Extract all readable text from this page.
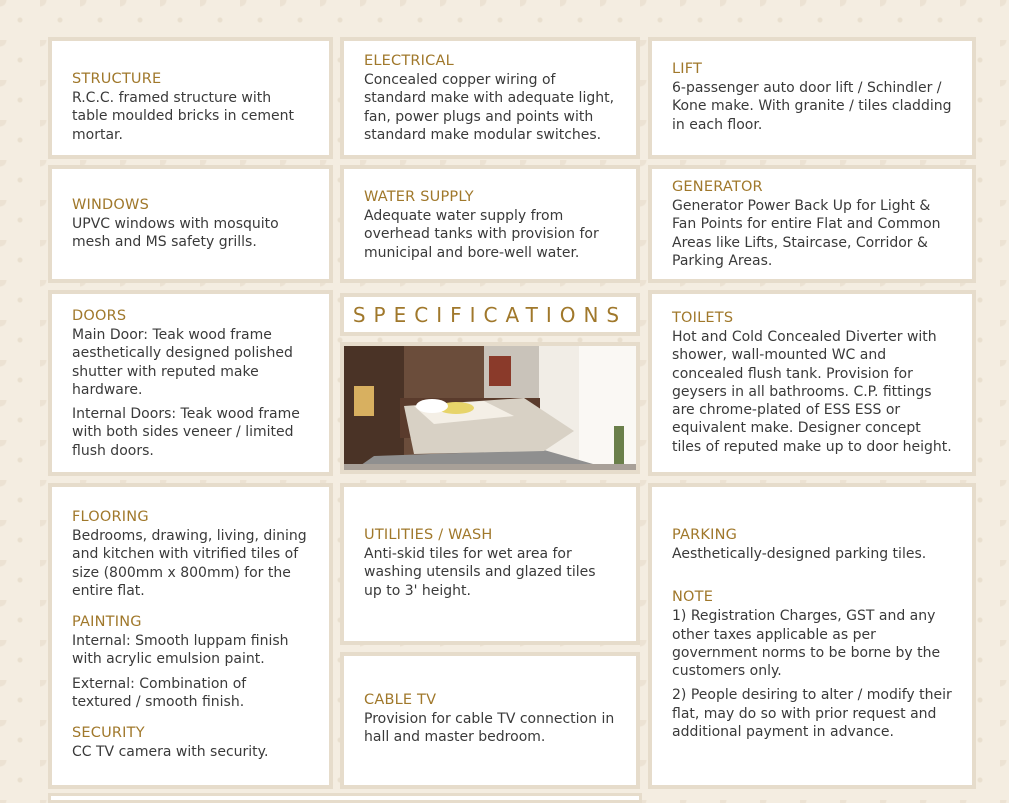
STRUCTURE

R.C.C. framed structure with table moulded bricks in cement mortar.

ELECTRICAL

Concealed copper wiring of standard make with adequate light, fan, power plugs and points with standard make modular switches.

LIFT

6-passenger auto door lift / Schindler / Kone make. With granite / tiles cladding in each floor.

WINDOWS

UPVC windows with mosquito mesh and MS safety grills.

WATER SUPPLY

Adequate water supply from overhead tanks with provision for municipal and bore-well water.

GENERATOR

Generator Power Back Up for Light & Fan Points for entire Flat and Common Areas like Lifts, Staircase, Corridor & Parking Areas.

DOORS

Main Door: Teak wood frame aesthetically designed polished shutter with reputed make hardware.

Internal Doors: Teak wood frame with both sides veneer / limited flush doors.

SPECIFICATIONS	TOILETS

Hot and Cold Concealed Diverter with shower, wall-mounted WC and concealed flush tank. Provision for geysers in all bathrooms. C.P. fittings are chrome-plated of ESS ESS or equivalent make. Designer concept tiles of reputed make up to door height.

FLOORING

Bedrooms, drawing, living, dining and kitchen with vitrified tiles of size (800mm x 800mm) for the entire flat.

PAINTING

Internal: Smooth luppam finish with acrylic emulsion paint.

External: Combination of textured / smooth finish.

SECURITY

CC TV camera with security.

UTILITIES / WASH

Anti-skid tiles for wet area for washing utensils and glazed tiles up to 3' height.

CABLE TV

Provision for cable TV connection in hall and master bedroom.

PARKING

Aesthetically-designed parking tiles.

NOTE

1) Registration Charges, GST and any other taxes applicable as per government norms to be borne by the customers only.

2) People desiring to alter / modify their flat, may do so with prior request and additional payment in advance.
